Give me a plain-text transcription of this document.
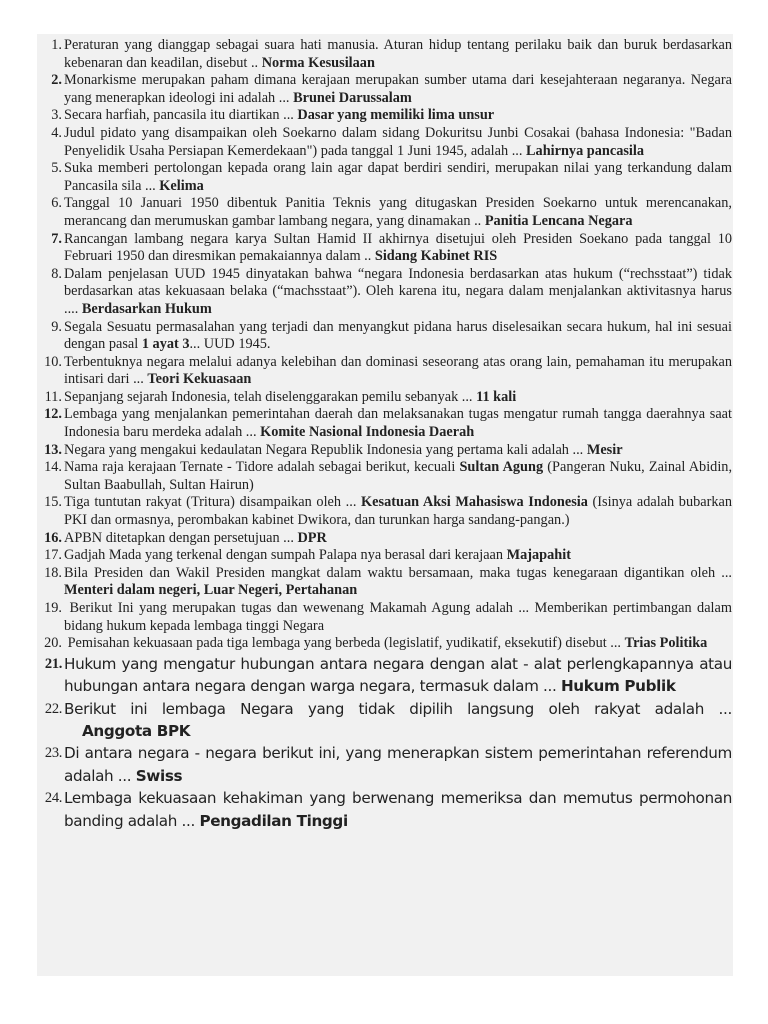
1. Peraturan yang dianggap sebagai suara hati manusia. Aturan hidup tentang perilaku baik dan buruk berdasarkan kebenaran dan keadilan, disebut .. Norma Kesusilaan
2. Monarkisme merupakan paham dimana kerajaan merupakan sumber utama dari kesejahteraan negaranya. Negara yang menerapkan ideologi ini adalah ... Brunei Darussalam
3. Secara harfiah, pancasila itu diartikan ... Dasar yang memiliki lima unsur
4. Judul pidato yang disampaikan oleh Soekarno dalam sidang Dokuritsu Junbi Cosakai (bahasa Indonesia: "Badan Penyelidik Usaha Persiapan Kemerdekaan") pada tanggal 1 Juni 1945, adalah ... Lahirnya pancasila
5. Suka memberi pertolongan kepada orang lain agar dapat berdiri sendiri, merupakan nilai yang terkandung dalam Pancasila sila ... Kelima
6. Tanggal 10 Januari 1950 dibentuk Panitia Teknis yang ditugaskan Presiden Soekarno untuk merencanakan, merancang dan merumuskan gambar lambang negara, yang dinamakan .. Panitia Lencana Negara
7. Rancangan lambang negara karya Sultan Hamid II akhirnya disetujui oleh Presiden Soekano pada tanggal 10 Februari 1950 dan diresmikan pemakaiannya dalam .. Sidang Kabinet RIS
8. Dalam penjelasan UUD 1945 dinyatakan bahwa “negara Indonesia berdasarkan atas hukum (“rechsstaat”) tidak berdasarkan atas kekuasaan belaka (“machsstaat”). Oleh karena itu, negara dalam menjalankan aktivitasnya harus .... Berdasarkan Hukum
9. Segala Sesuatu permasalahan yang terjadi dan menyangkut pidana harus diselesaikan secara hukum, hal ini sesuai dengan pasal 1 ayat 3... UUD 1945.
10. Terbentuknya negara melalui adanya kelebihan dan dominasi seseorang atas orang lain, pemahaman itu merupakan intisari dari ... Teori Kekuasaan
11. Sepanjang sejarah Indonesia, telah diselenggarakan pemilu sebanyak ... 11 kali
12. Lembaga yang menjalankan pemerintahan daerah dan melaksanakan tugas mengatur rumah tangga daerahnya saat Indonesia baru merdeka adalah ... Komite Nasional Indonesia Daerah
13. Negara yang mengakui kedaulatan Negara Republik Indonesia yang pertama kali adalah ... Mesir
14. Nama raja kerajaan Ternate - Tidore adalah sebagai berikut, kecuali Sultan Agung (Pangeran Nuku, Zainal Abidin, Sultan Baabullah, Sultan Hairun)
15. Tiga tuntutan rakyat (Tritura) disampaikan oleh ... Kesatuan Aksi Mahasiswa Indonesia (Isinya adalah bubarkan PKI dan ormasnya, perombakan kabinet Dwikora, dan turunkan harga sandang-pangan.)
16. APBN ditetapkan dengan persetujuan ... DPR
17. Gadjah Mada yang terkenal dengan sumpah Palapa nya berasal dari kerajaan Majapahit
18. Bila Presiden dan Wakil Presiden mangkat dalam waktu bersamaan, maka tugas kenegaraan digantikan oleh ... Menteri dalam negeri, Luar Negeri, Pertahanan
19. Berikut Ini yang merupakan tugas dan wewenang Makamah Agung adalah ... Memberikan pertimbangan dalam bidang hukum kepada lembaga tinggi Negara
20. Pemisahan kekuasaan pada tiga lembaga yang berbeda (legislatif, yudikatif, eksekutif) disebut ... Trias Politika
21. Hukum yang mengatur hubungan antara negara dengan alat - alat perlengkapannya atau hubungan antara negara dengan warga negara, termasuk dalam ... Hukum Publik
22. Berikut ini lembaga Negara yang tidak dipilih langsung oleh rakyat adalah ... Anggota BPK
23. Di antara negara - negara berikut ini, yang menerapkan sistem pemerintahan referendum adalah ... Swiss
24. Lembaga kekuasaan kehakiman yang berwenang memeriksa dan memutus permohonan banding adalah ... Pengadilan Tinggi
